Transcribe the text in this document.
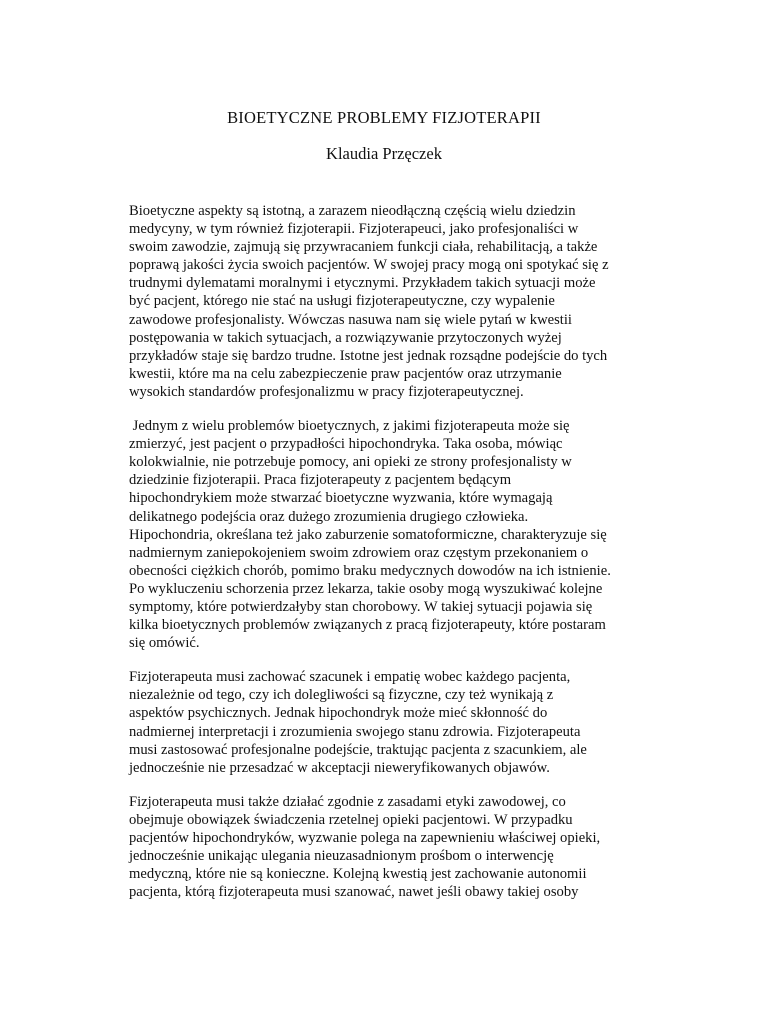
BIOETYCZNE PROBLEMY FIZJOTERAPII
Klaudia Przęczek

Bioetyczne aspekty są istotną, a zarazem nieodłączną częścią wielu dziedzin
medycyny, w tym również fizjoterapii. Fizjoterapeuci, jako profesjonaliści w
swoim zawodzie, zajmują się przywracaniem funkcji ciała, rehabilitacją, a także
poprawą jakości życia swoich pacjentów. W swojej pracy mogą oni spotykać się z
trudnymi dylematami moralnymi i etycznymi. Przykładem takich sytuacji może
być pacjent, którego nie stać na usługi fizjoterapeutyczne, czy wypalenie
zawodowe profesjonalisty. Wówczas nasuwa nam się wiele pytań w kwestii
postępowania w takich sytuacjach, a rozwiązywanie przytoczonych wyżej
przykładów staje się bardzo trudne. Istotne jest jednak rozsądne podejście do tych
kwestii, które ma na celu zabezpieczenie praw pacjentów oraz utrzymanie
wysokich standardów profesjonalizmu w pracy fizjoterapeutycznej.

Jednym z wielu problemów bioetycznych, z jakimi fizjoterapeuta może się
zmierzyć, jest pacjent o przypadłości hipochondryka. Taka osoba, mówiąc
kolokwialnie, nie potrzebuje pomocy, ani opieki ze strony profesjonalisty w
dziedzinie fizjoterapii. Praca fizjoterapeuty z pacjentem będącym
hipochondrykiem może stwarzać bioetyczne wyzwania, które wymagają
delikatnego podejścia oraz dużego zrozumienia drugiego człowieka.
Hipochondria, określana też jako zaburzenie somatoformiczne, charakteryzuje się
nadmiernym zaniepokojeniem swoim zdrowiem oraz częstym przekonaniem o
obecności ciężkich chorób, pomimo braku medycznych dowodów na ich istnienie.
Po wykluczeniu schorzenia przez lekarza, takie osoby mogą wyszukiwać kolejne
symptomy, które potwierdzałyby stan chorobowy. W takiej sytuacji pojawia się
kilka bioetycznych problemów związanych z pracą fizjoterapeuty, które postaram
się omówić.

Fizjoterapeuta musi zachować szacunek i empatię wobec każdego pacjenta,
niezależnie od tego, czy ich dolegliwości są fizyczne, czy też wynikają z
aspektów psychicznych. Jednak hipochondryk może mieć skłonność do
nadmiernej interpretacji i zrozumienia swojego stanu zdrowia. Fizjoterapeuta
musi zastosować profesjonalne podejście, traktując pacjenta z szacunkiem, ale
jednocześnie nie przesadzać w akceptacji nieweryfikowanych objawów.

Fizjoterapeuta musi także działać zgodnie z zasadami etyki zawodowej, co
obejmuje obowiązek świadczenia rzetelnej opieki pacjentowi. W przypadku
pacjentów hipochondryków, wyzwanie polega na zapewnieniu właściwej opieki,
jednocześnie unikając ulegania nieuzasadnionym prośbom o interwencję
medyczną, które nie są konieczne. Kolejną kwestią jest zachowanie autonomii
pacjenta, którą fizjoterapeuta musi szanować, nawet jeśli obawy takiej osoby
